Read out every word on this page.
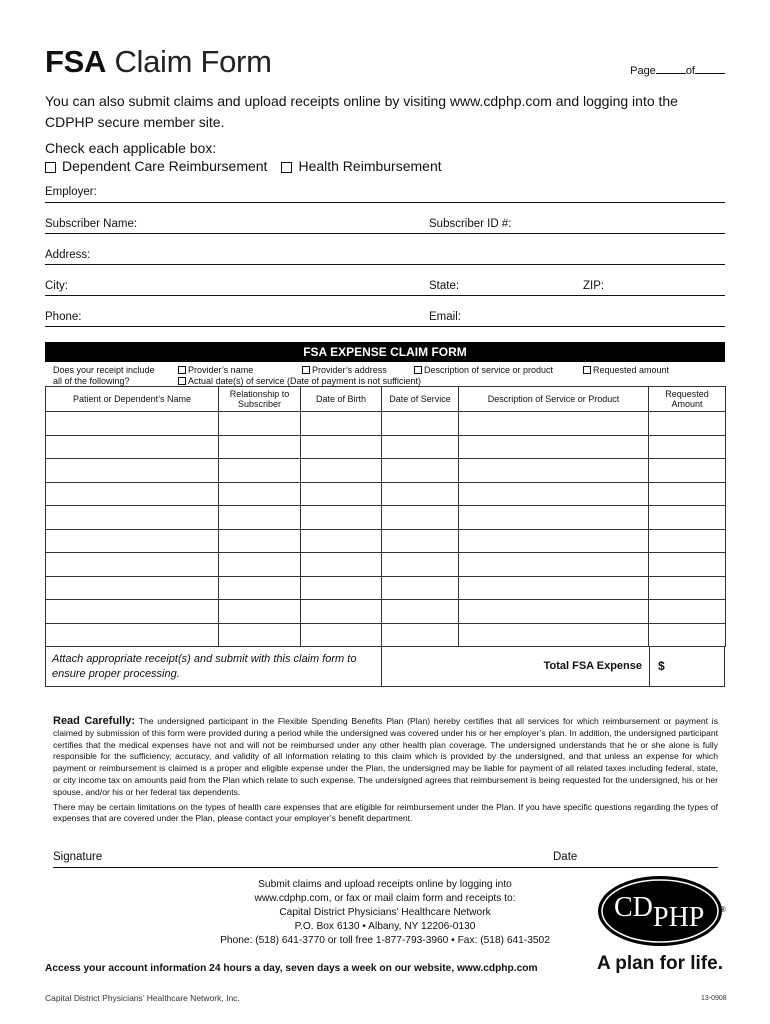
FSA Claim Form	Page	of
You can also submit claims and upload receipts online by visiting www.cdphp.com and logging into the CDPHP secure member site.
Check each applicable box:
Dependent Care Reimbursement	Health Reimbursement
Employer:
Subscriber Name:	Subscriber ID #:
Address:
City:	State:	ZIP:
Phone:	Email:
FSA EXPENSE CLAIM FORM
Does your receipt include
all of the following?
Provider’s name	Provider’s address	Description of service or product	Requested amount
Actual date(s) of service (Date of payment is not sufficient)
Patient or Dependent’s Name	Relationship to Subscriber	Date of Birth	Date of Service	Description of Service or Product	Requested Amount

Attach appropriate receipt(s) and submit with this claim form to ensure proper processing.
Total FSA Expense	$

Read Carefully: The undersigned participant in the Flexible Spending Benefits Plan (Plan) hereby certifies that all services for which reimbursement or payment is claimed by submission of this form were provided during a period while the undersigned was covered under his or her employer’s plan. In addition, the undersigned participant certifies that the medical expenses have not and will not be reimbursed under any other health plan coverage. The undersigned understands that he or she alone is fully responsible for the sufficiency, accuracy, and validity of all information relating to this claim which is provided by the undersigned, and that unless an expense for which payment or reimbursement is claimed is a proper and eligible expense under the Plan, the undersigned may be liable for payment of all related taxes including federal, state, or city income tax on amounts paid from the Plan which relate to such expense. The undersigned agrees that reimbursement is being requested for the undersigned, his or her spouse, and/or his or her federal tax dependents.

There may be certain limitations on the types of health care expenses that are eligible for reimbursement under the Plan. If you have specific questions regarding the types of expenses that are covered under the Plan, please contact your employer’s benefit department.

Signature	Date
Submit claims and upload receipts online by logging into
www.cdphp.com, or fax or mail claim form and receipts to:
Capital District Physicians’ Healthcare Network
P.O. Box 6130 • Albany, NY 12206-0130
Phone: (518) 641-3770 or toll free 1-877-793-3960 • Fax: (518) 641-3502
CD PHP ®
A plan for life.
Access your account information 24 hours a day, seven days a week on our website, www.cdphp.com
Capital District Physicians’ Healthcare Network, Inc.	13-0908
